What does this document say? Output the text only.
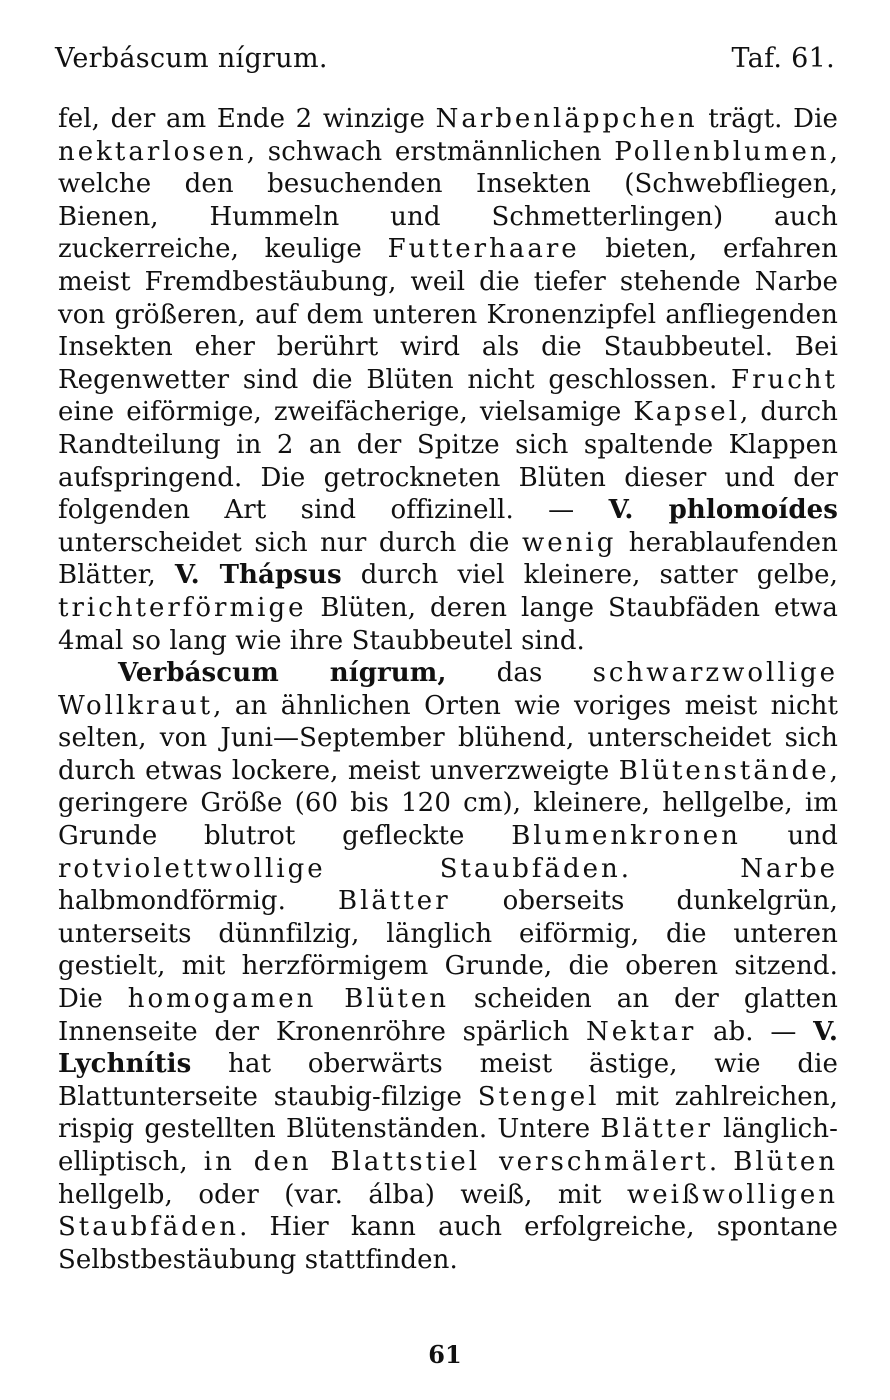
Verbáscum nígrum.	Taf. 61.

fel, der am Ende 2 winzige Narbenläppchen trägt. Die nektarlosen, schwach erstmännlichen Pollenblumen, welche den besuchenden Insekten (Schwebfliegen, Bienen, Hummeln und Schmetterlingen) auch zuckerreiche, keulige Futterhaare bieten, erfahren meist Fremdbestäubung, weil die tiefer stehende Narbe von größeren, auf dem unteren Kronenzipfel anfliegenden Insekten eher berührt wird als die Staubbeutel. Bei Regenwetter sind die Blüten nicht geschlossen. Frucht eine eiförmige, zweifächerige, vielsamige Kapsel, durch Randteilung in 2 an der Spitze sich spaltende Klappen aufspringend. Die getrockneten Blüten dieser und der folgenden Art sind offizinell. — V. phlomoídes unterscheidet sich nur durch die wenig herablaufenden Blätter, V. Thápsus durch viel kleinere, satter gelbe, trichterförmige Blüten, deren lange Staubfäden etwa 4mal so lang wie ihre Staubbeutel sind.

Verbáscum nígrum, das schwarzwollige Wollkraut, an ähnlichen Orten wie voriges meist nicht selten, von Juni—September blühend, unterscheidet sich durch etwas lockere, meist unverzweigte Blütenstände, geringere Größe (60 bis 120 cm), kleinere, hellgelbe, im Grunde blutrot gefleckte Blumenkronen und rotviolettwollige Staubfäden. Narbe halbmondförmig. Blätter oberseits dunkelgrün, unterseits dünnfilzig, länglich eiförmig, die unteren gestielt, mit herzförmigem Grunde, die oberen sitzend. Die homogamen Blüten scheiden an der glatten Innenseite der Kronenröhre spärlich Nektar ab. — V. Lychnítis hat oberwärts meist ästige, wie die Blattunterseite staubig-filzige Stengel mit zahlreichen, rispig gestellten Blütenständen. Untere Blätter länglich-elliptisch, in den Blattstiel verschmälert. Blüten hellgelb, oder (var. álba) weiß, mit weißwolligen Staubfäden. Hier kann auch erfolgreiche, spontane Selbstbestäubung stattfinden.

61
